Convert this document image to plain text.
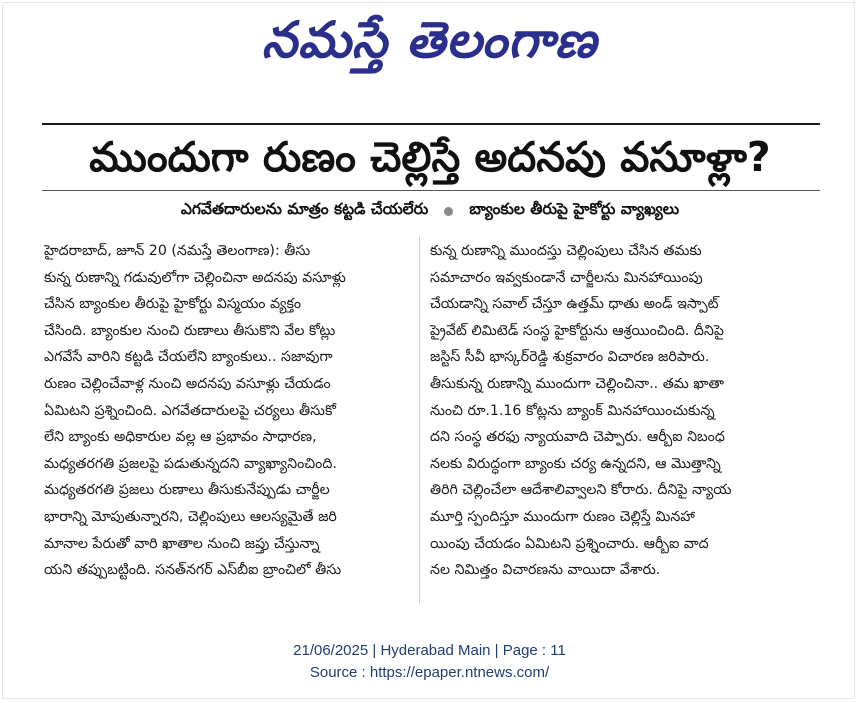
నమస్తే తెలంగాణ
ముందుగా రుణం చెల్లిస్తే అదనపు వసూళ్లా?
ఎగవేతదారులను మాత్రం కట్టడి చేయలేరు	బ్యాంకుల తీరుపై హైకోర్టు వ్యాఖ్యలు
హైదరాబాద్, జూన్ 20 (నమస్తే తెలంగాణ): తీసు
కున్న రుణాన్ని గడువులోగా చెల్లించినా అదనపు వసూళ్లు
చేసిన బ్యాంకుల తీరుపై హైకోర్టు విస్మయం వ్యక్తం
చేసింది. బ్యాంకుల నుంచి రుణాలు తీసుకొని వేల కోట్లు
ఎగవేసే వారిని కట్టడి చేయలేని బ్యాంకులు.. సజావుగా
రుణం చెల్లించేవాళ్ల నుంచి అదనపు వసూళ్లు చేయడం
ఏమిటని ప్రశ్నించింది. ఎగవేతదారులపై చర్యలు తీసుకో
లేని బ్యాంకు అధికారుల వల్ల ఆ ప్రభావం సాధారణ,
మధ్యతరగతి ప్రజలపై పడుతున్నదని వ్యాఖ్యానించింది.
మధ్యతరగతి ప్రజలు రుణాలు తీసుకునేప్పుడు చార్జీల
భారాన్ని మోపుతున్నారని, చెల్లింపులు ఆలస్యమైతే జరి
మానాల పేరుతో వారి ఖాతాల నుంచి జప్తు చేస్తున్నా
యని తప్పుబట్టింది. సనత్‌నగర్ ఎస్‌బీఐ బ్రాంచిలో తీసు
కున్న రుణాన్ని ముందస్తు చెల్లింపులు చేసిన తమకు
సమాచారం ఇవ్వకుండానే చార్జీలను మినహాయింపు
చేయడాన్ని సవాల్ చేస్తూ ఉత్తమ్ ధాతు అండ్ ఇస్పాట్
ప్రైవేట్ లిమిటెడ్ సంస్థ హైకోర్టును ఆశ్రయించింది. దీనిపై
జస్టిస్ సీవీ భాస్కర్‌రెడ్డి శుక్రవారం విచారణ జరిపారు.
తీసుకున్న రుణాన్ని ముందుగా చెల్లించినా.. తమ ఖాతా
నుంచి రూ.1.16 కోట్లను బ్యాంక్ మినహాయించుకున్న
దని సంస్థ తరఫు న్యాయవాది చెప్పారు. ఆర్బీఐ నిబంధ
నలకు విరుద్ధంగా బ్యాంకు చర్య ఉన్నదని, ఆ మొత్తాన్ని
తిరిగి చెల్లించేలా ఆదేశాలివ్వాలని కోరారు. దీనిపై న్యాయ
మూర్తి స్పందిస్తూ ముందుగా రుణం చెల్లిస్తే మినహా
యింపు చేయడం ఏమిటని ప్రశ్నించారు. ఆర్బీఐ వాద
నల నిమిత్తం విచారణను వాయిదా వేశారు.
21/06/2025 | Hyderabad Main | Page : 11
Source : https://epaper.ntnews.com/
